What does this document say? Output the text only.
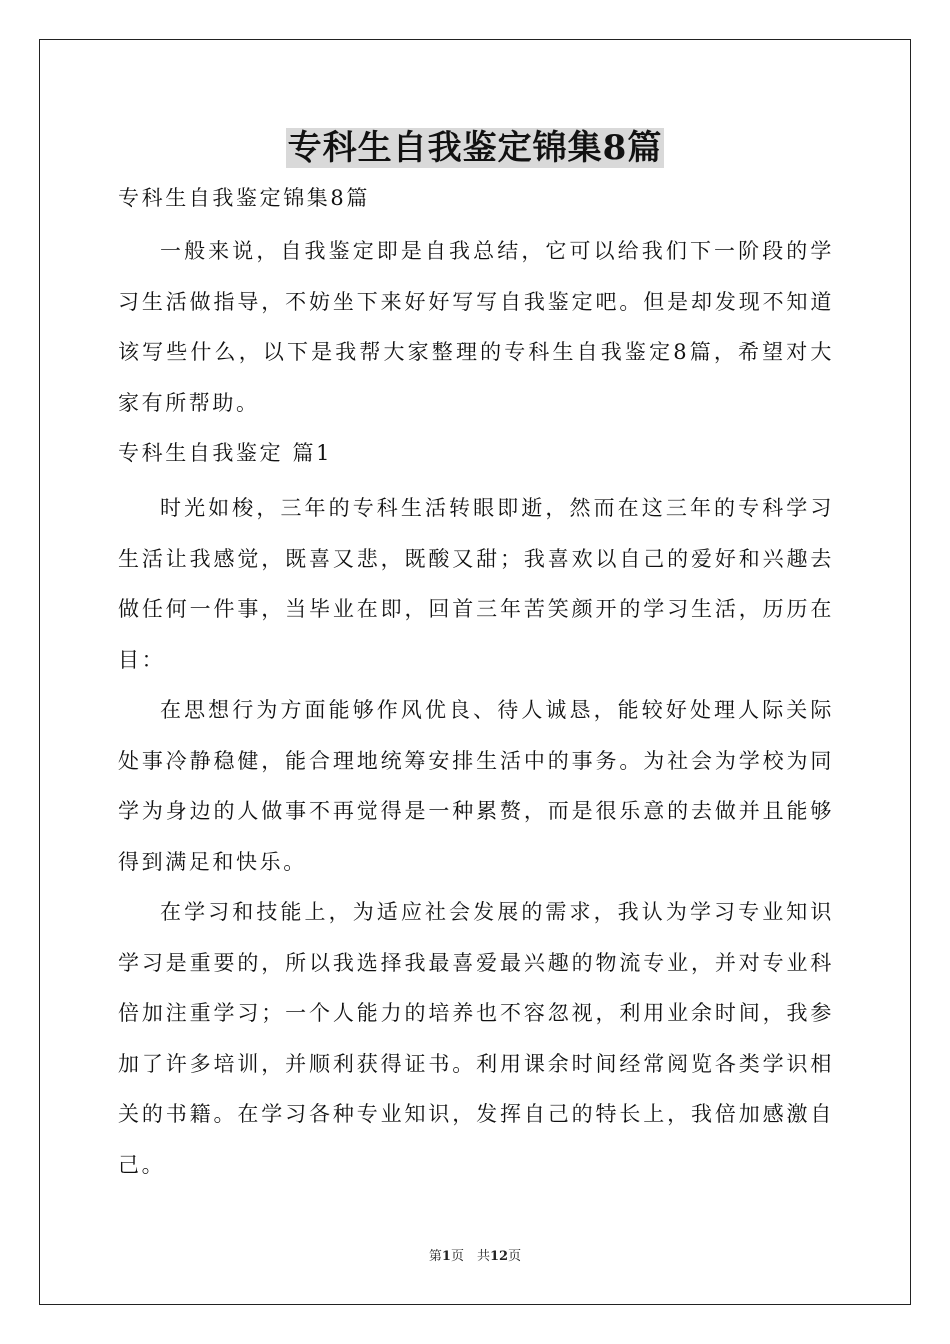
专科生自我鉴定锦集8篇

专科生自我鉴定锦集8篇

一般来说，自我鉴定即是自我总结，它可以给我们下一阶段的学习生活做指导，不妨坐下来好好写写自我鉴定吧。但是却发现不知道该写些什么，以下是我帮大家整理的专科生自我鉴定8篇，希望对大家有所帮助。

专科生自我鉴定 篇1

时光如梭，三年的专科生活转眼即逝，然而在这三年的专科学习生活让我感觉，既喜又悲，既酸又甜；我喜欢以自己的爱好和兴趣去做任何一件事，当毕业在即，回首三年苦笑颜开的学习生活，历历在目：

在思想行为方面能够作风优良、待人诚恳，能较好处理人际关际处事冷静稳健，能合理地统筹安排生活中的事务。为社会为学校为同学为身边的人做事不再觉得是一种累赘，而是很乐意的去做并且能够得到满足和快乐。

在学习和技能上，为适应社会发展的需求，我认为学习专业知识学习是重要的，所以我选择我最喜爱最兴趣的物流专业，并对专业科倍加注重学习；一个人能力的培养也不容忽视，利用业余时间，我参加了许多培训，并顺利获得证书。利用课余时间经常阅览各类学识相关的书籍。在学习各种专业知识，发挥自己的特长上，我倍加感激自己。

第1页　共12页
